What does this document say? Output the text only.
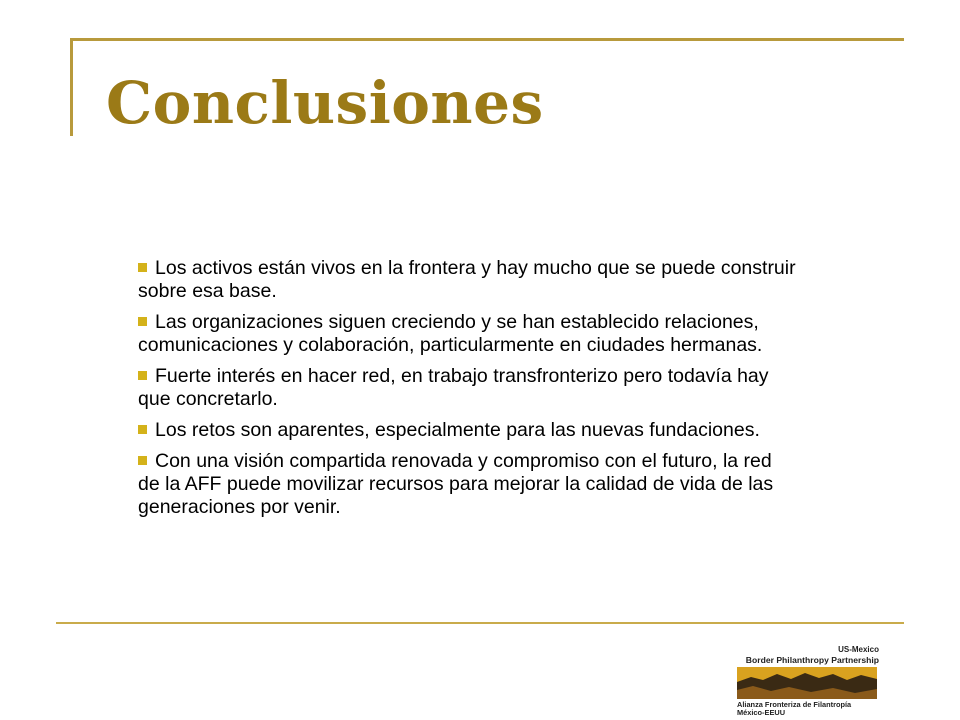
Conclusiones
Los activos están vivos en la frontera y hay mucho que se puede construir sobre esa base.
Las organizaciones siguen creciendo y se han establecido relaciones, comunicaciones y colaboración, particularmente en ciudades hermanas.
Fuerte interés en hacer red, en trabajo transfronterizo pero todavía hay que concretarlo.
Los retos son aparentes, especialmente para las nuevas fundaciones.
Con una visión compartida renovada y compromiso con el futuro, la red de la AFF puede movilizar recursos para mejorar la calidad de vida de las generaciones por venir.
US-Mexico
Border Philanthropy Partnership
Alianza Fronteriza de Filantropía
México-EEUU
